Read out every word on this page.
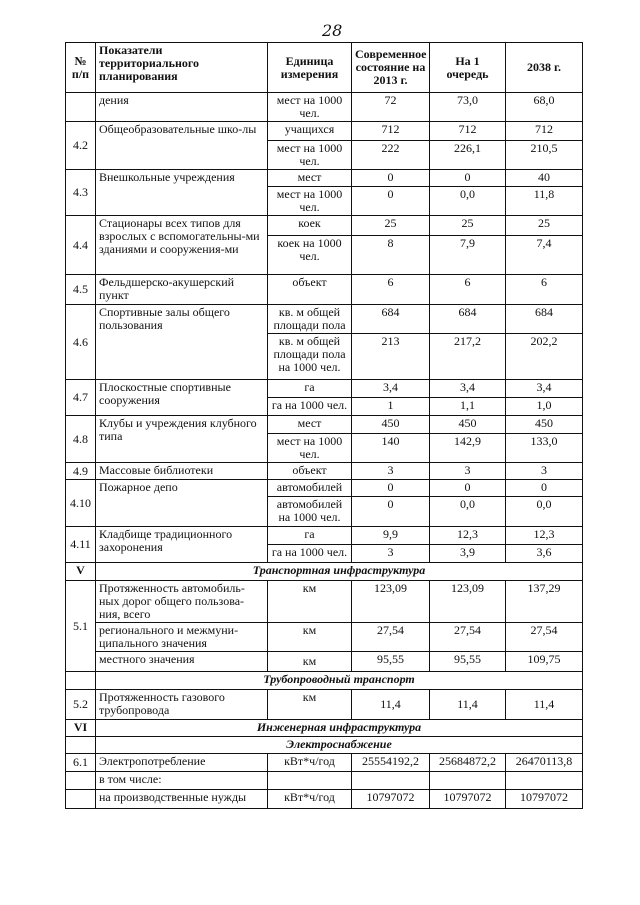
28
№ п/п	Показатели территориального планирования	Единица измерения	Современное состояние на 2013 г.	На 1 очередь	2038 г.
	дения	мест на 1000 чел.	72	73,0	68,0
4.2	Общеобразовательные шко-лы	учащихся	712	712	712
		мест на 1000 чел.	222	226,1	210,5
4.3	Внешкольные учреждения	мест	0	0	40
		мест на 1000 чел.	0	0,0	11,8
4.4	Стационары всех типов для взрослых с вспомогательны-ми зданиями и сооружения-ми	коек	25	25	25
		коек на 1000 чел.	8	7,9	7,4
4.5	Фельдшерско-акушерский пункт	объект	6	6	6
4.6	Спортивные залы общего пользования	кв. м общей площади пола	684	684	684
		кв. м общей площади пола на 1000 чел.	213	217,2	202,2
4.7	Плоскостные спортивные сооружения	га	3,4	3,4	3,4
		га на 1000 чел.	1	1,1	1,0
4.8	Клубы и учреждения клубного типа	мест	450	450	450
		мест на 1000 чел.	140	142,9	133,0
4.9	Массовые библиотеки	объект	3	3	3
4.10	Пожарное депо	автомобилей	0	0	0
		автомобилей на 1000 чел.	0	0,0	0,0
4.11	Кладбище традиционного захоронения	га	9,9	12,3	12,3
		га на 1000 чел.	3	3,9	3,6
V	Транспортная инфраструктура				
5.1	Протяженность автомобиль-ных дорог общего пользова-ния, всего	км	123,09	123,09	137,29
	регионального и межмуни-ципального значения	км	27,54	27,54	27,54
	местного значения	км	95,55	95,55	109,75
	Трубопроводный транспорт				
5.2	Протяженность газового трубопровода	км	11,4	11,4	11,4
VI	Инженерная инфраструктура				
	Электроснабжение				
6.1	Электропотребление	кВт*ч/год	25554192,2	25684872,2	26470113,8
	в том числе:				
	на производственные нужды	кВт*ч/год	10797072	10797072	10797072
